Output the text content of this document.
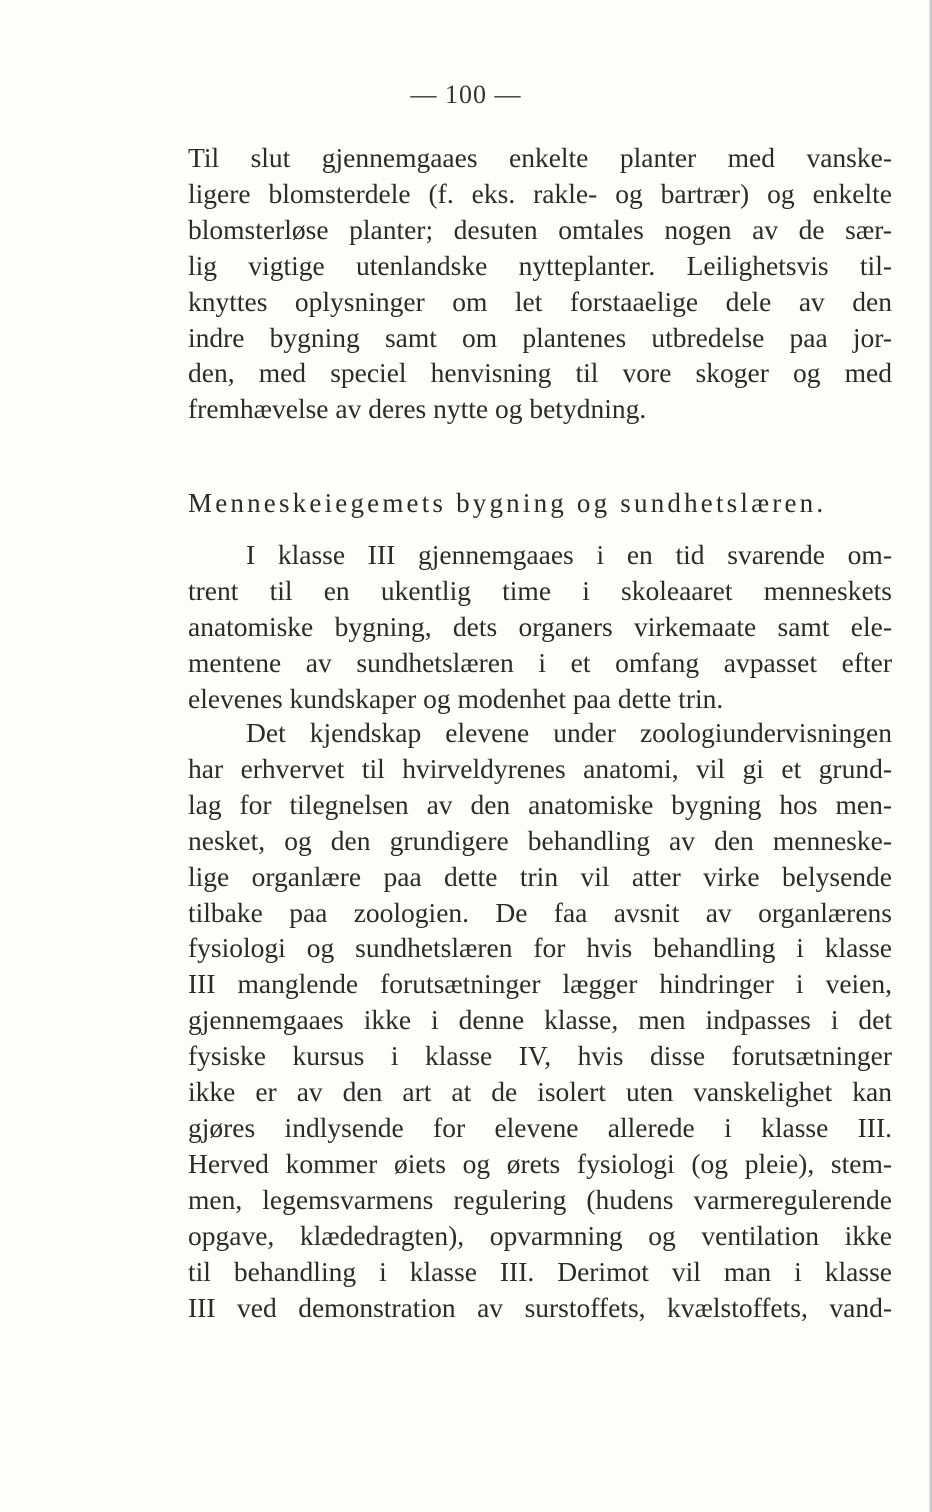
— 100 —
Til slut gjennemgaaes enkelte planter med vanske-
ligere blomsterdele (f. eks. rakle- og bartrær) og enkelte
blomsterløse planter; desuten omtales nogen av de sær-
lig vigtige utenlandske nytteplanter. Leilighetsvis til-
knyttes oplysninger om let forstaaelige dele av den
indre bygning samt om plantenes utbredelse paa jor-
den, med speciel henvisning til vore skoger og med
fremhævelse av deres nytte og betydning.
Menneskeiegemets bygning og sundhetslæren.
I klasse III gjennemgaaes i en tid svarende om-
trent til en ukentlig time i skoleaaret menneskets
anatomiske bygning, dets organers virkemaate samt ele-
mentene av sundhetslæren i et omfang avpasset efter
elevenes kundskaper og modenhet paa dette trin.
Det kjendskap elevene under zoologiundervisningen
har erhvervet til hvirveldyrenes anatomi, vil gi et grund-
lag for tilegnelsen av den anatomiske bygning hos men-
nesket, og den grundigere behandling av den menneske-
lige organlære paa dette trin vil atter virke belysende
tilbake paa zoologien. De faa avsnit av organlærens
fysiologi og sundhetslæren for hvis behandling i klasse
III manglende forutsætninger lægger hindringer i veien,
gjennemgaaes ikke i denne klasse, men indpasses i det
fysiske kursus i klasse IV, hvis disse forutsætninger
ikke er av den art at de isolert uten vanskelighet kan
gjøres indlysende for elevene allerede i klasse III.
Herved kommer øiets og ørets fysiologi (og pleie), stem-
men, legemsvarmens regulering (hudens varmeregulerende
opgave, klædedragten), opvarmning og ventilation ikke
til behandling i klasse III. Derimot vil man i klasse
III ved demonstration av surstoffets, kvælstoffets, vand-
